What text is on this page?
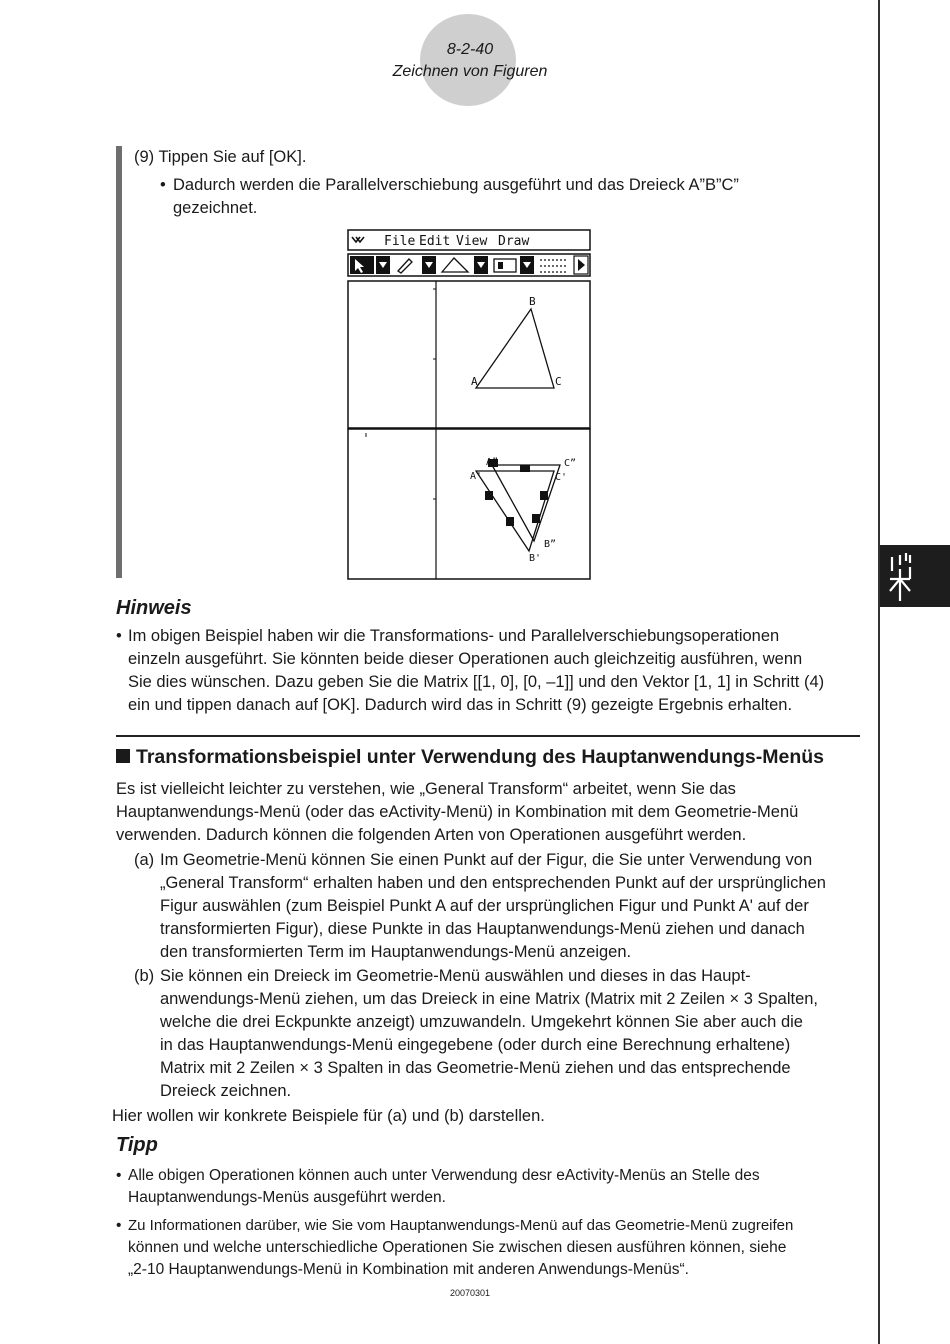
8-2-40
Zeichnen von Figuren
(9) Tippen Sie auf [OK].
• Dadurch werden die Parallelverschiebung ausgeführt und das Dreieck A”B”C”
gezeichnet.
File Edit View Draw
B
A	C
A”
A'
C”
C'
B”
B'
Hinweis
• Im obigen Beispiel haben wir die Transformations- und Parallelverschiebungsoperationen
einzeln ausgeführt. Sie könnten beide dieser Operationen auch gleichzeitig ausführen, wenn
Sie dies wünschen. Dazu geben Sie die Matrix [[1, 0], [0, –1]] und den Vektor [1, 1] in Schritt (4)
ein und tippen danach auf [OK]. Dadurch wird das in Schritt (9) gezeigte Ergebnis erhalten.
Transformationsbeispiel unter Verwendung des Hauptanwendungs-Menüs
Es ist vielleicht leichter zu verstehen, wie „General Transform“ arbeitet, wenn Sie das
Hauptanwendungs-Menü (oder das eActivity-Menü) in Kombination mit dem Geometrie-Menü
verwenden. Dadurch können die folgenden Arten von Operationen ausgeführt werden.
(a) Im Geometrie-Menü können Sie einen Punkt auf der Figur, die Sie unter Verwendung von
„General Transform“ erhalten haben und den entsprechenden Punkt auf der ursprünglichen
Figur auswählen (zum Beispiel Punkt A auf der ursprünglichen Figur und Punkt A' auf der
transformierten Figur), diese Punkte in das Hauptanwendungs-Menü ziehen und danach
den transformierten Term im Hauptanwendungs-Menü anzeigen.
(b) Sie können ein Dreieck im Geometrie-Menü auswählen und dieses in das Haupt-
anwendungs-Menü ziehen, um das Dreieck in eine Matrix (Matrix mit 2 Zeilen × 3 Spalten,
welche die drei Eckpunkte anzeigt) umzuwandeln. Umgekehrt können Sie aber auch die
in das Hauptanwendungs-Menü eingegebene (oder durch eine Berechnung erhaltene)
Matrix mit 2 Zeilen × 3 Spalten in das Geometrie-Menü ziehen und das entsprechende
Dreieck zeichnen.
Hier wollen wir konkrete Beispiele für (a) und (b) darstellen.
Tipp
• Alle obigen Operationen können auch unter Verwendung desr eActivity-Menüs an Stelle des
Hauptanwendungs-Menüs ausgeführt werden.
• Zu Informationen darüber, wie Sie vom Hauptanwendungs-Menü auf das Geometrie-Menü zugreifen
können und welche unterschiedliche Operationen Sie zwischen diesen ausführen können, siehe
„2-10 Hauptanwendungs-Menü in Kombination mit anderen Anwendungs-Menüs“.
20070301
